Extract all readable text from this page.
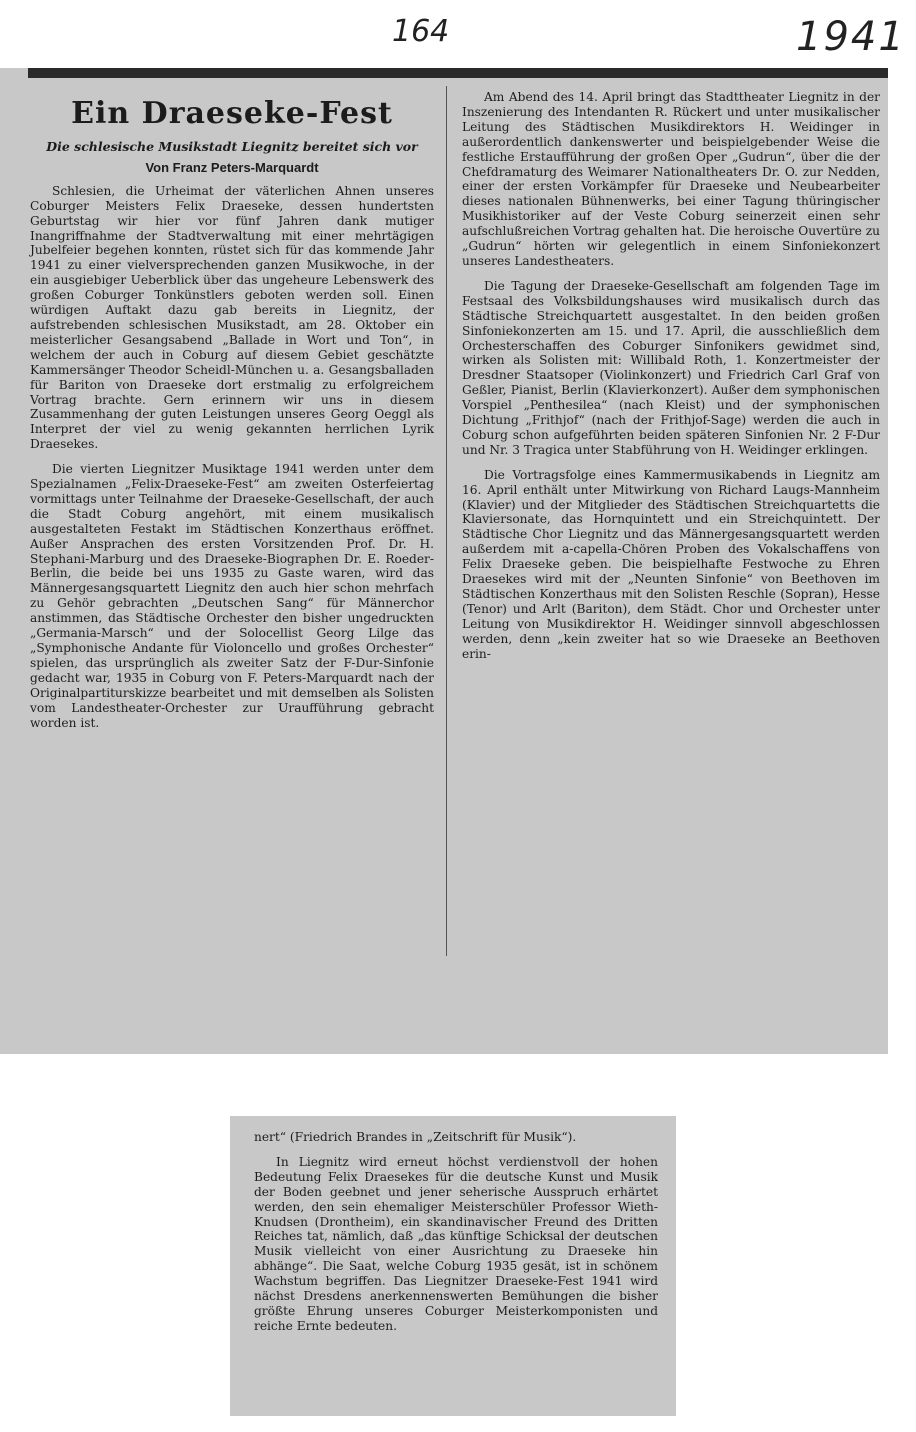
164	1941
Ein Draeseke-Fest
Die schlesische Musikstadt Liegnitz bereitet sich vor
Von Franz Peters-Marquardt

Schlesien, die Urheimat der väterlichen Ahnen unseres Coburger Meisters Felix Draeseke, dessen hundertsten Geburtstag wir hier vor fünf Jahren dank mutiger Inangriffnahme der Stadtverwaltung mit einer mehrtägigen Jubelfeier begehen konnten, rüstet sich für das kommende Jahr 1941 zu einer vielversprechenden ganzen Musikwoche, in der ein ausgiebiger Ueberblick über das ungeheure Lebenswerk des großen Coburger Tonkünstlers geboten werden soll. Einen würdigen Auftakt dazu gab bereits in Liegnitz, der aufstrebenden schlesischen Musikstadt, am 28. Oktober ein meisterlicher Gesangsabend „Ballade in Wort und Ton“, in welchem der auch in Coburg auf diesem Gebiet geschätzte Kammersänger Theodor Scheidl-München u. a. Gesangsballaden für Bariton von Draeseke dort erstmalig zu erfolgreichem Vortrag brachte. Gern erinnern wir uns in diesem Zusammenhang der guten Leistungen unseres Georg Oeggl als Interpret der viel zu wenig gekannten herrlichen Lyrik Draesekes.

Die vierten Liegnitzer Musiktage 1941 werden unter dem Spezialnamen „Felix-Draeseke-Fest“ am zweiten Osterfeiertag vormittags unter Teilnahme der Draeseke-Gesellschaft, der auch die Stadt Coburg angehört, mit einem musikalisch ausgestalteten Festakt im Städtischen Konzerthaus eröffnet. Außer Ansprachen des ersten Vorsitzenden Prof. Dr. H. Stephani-Marburg und des Draeseke-Biographen Dr. E. Roeder-Berlin, die beide bei uns 1935 zu Gaste waren, wird das Männergesangsquartett Liegnitz den auch hier schon mehrfach zu Gehör gebrachten „Deutschen Sang“ für Männerchor anstimmen, das Städtische Orchester den bisher ungedruckten „Germania-Marsch“ und der Solocellist Georg Lilge das „Symphonische Andante für Violoncello und großes Orchester“ spielen, das ursprünglich als zweiter Satz der F-Dur-Sinfonie gedacht war, 1935 in Coburg von F. Peters-Marquardt nach der Originalpartiturskizze bearbeitet und mit demselben als Solisten vom Landestheater-Orchester zur Uraufführung gebracht worden ist.

Am Abend des 14. April bringt das Stadttheater Liegnitz in der Inszenierung des Intendanten R. Rückert und unter musikalischer Leitung des Städtischen Musikdirektors H. Weidinger in außerordentlich dankenswerter und beispielgebender Weise die festliche Erstaufführung der großen Oper „Gudrun“, über die der Chefdramaturg des Weimarer Nationaltheaters Dr. O. zur Nedden, einer der ersten Vorkämpfer für Draeseke und Neubearbeiter dieses nationalen Bühnenwerks, bei einer Tagung thüringischer Musikhistoriker auf der Veste Coburg seinerzeit einen sehr aufschlußreichen Vortrag gehalten hat. Die heroische Ouvertüre zu „Gudrun“ hörten wir gelegentlich in einem Sinfoniekonzert unseres Landestheaters.

Die Tagung der Draeseke-Gesellschaft am folgenden Tage im Festsaal des Volksbildungshauses wird musikalisch durch das Städtische Streichquartett ausgestaltet. In den beiden großen Sinfoniekonzerten am 15. und 17. April, die ausschließlich dem Orchesterschaffen des Coburger Sinfonikers gewidmet sind, wirken als Solisten mit: Willibald Roth, 1. Konzertmeister der Dresdner Staatsoper (Violinkonzert) und Friedrich Carl Graf von Geßler, Pianist, Berlin (Klavierkonzert). Außer dem symphonischen Vorspiel „Penthesilea“ (nach Kleist) und der symphonischen Dichtung „Frithjof“ (nach der Frithjof-Sage) werden die auch in Coburg schon aufgeführten beiden späteren Sinfonien Nr. 2 F-Dur und Nr. 3 Tragica unter Stabführung von H. Weidinger erklingen.

Die Vortragsfolge eines Kammermusikabends in Liegnitz am 16. April enthält unter Mitwirkung von Richard Laugs-Mannheim (Klavier) und der Mitglieder des Städtischen Streichquartetts die Klaviersonate, das Hornquintett und ein Streichquintett. Der Städtische Chor Liegnitz und das Männergesangsquartett werden außerdem mit a-capella-Chören Proben des Vokalschaffens von Felix Draeseke geben. Die beispielhafte Festwoche zu Ehren Draesekes wird mit der „Neunten Sinfonie“ von Beethoven im Städtischen Konzerthaus mit den Solisten Reschle (Sopran), Hesse (Tenor) und Arlt (Bariton), dem Städt. Chor und Orchester unter Leitung von Musikdirektor H. Weidinger sinnvoll abgeschlossen werden, denn „kein zweiter hat so wie Draeseke an Beethoven erin-

nert“ (Friedrich Brandes in „Zeitschrift für Musik“).

In Liegnitz wird erneut höchst verdienstvoll der hohen Bedeutung Felix Draesekes für die deutsche Kunst und Musik der Boden geebnet und jener seherische Ausspruch erhärtet werden, den sein ehemaliger Meisterschüler Professor Wieth-Knudsen (Drontheim), ein skandinavischer Freund des Dritten Reiches tat, nämlich, daß „das künftige Schicksal der deutschen Musik vielleicht von einer Ausrichtung zu Draeseke hin abhänge“. Die Saat, welche Coburg 1935 gesät, ist in schönem Wachstum begriffen. Das Liegnitzer Draeseke-Fest 1941 wird nächst Dresdens anerkennenswerten Bemühungen die bisher größte Ehrung unseres Coburger Meisterkomponisten und reiche Ernte bedeuten.
